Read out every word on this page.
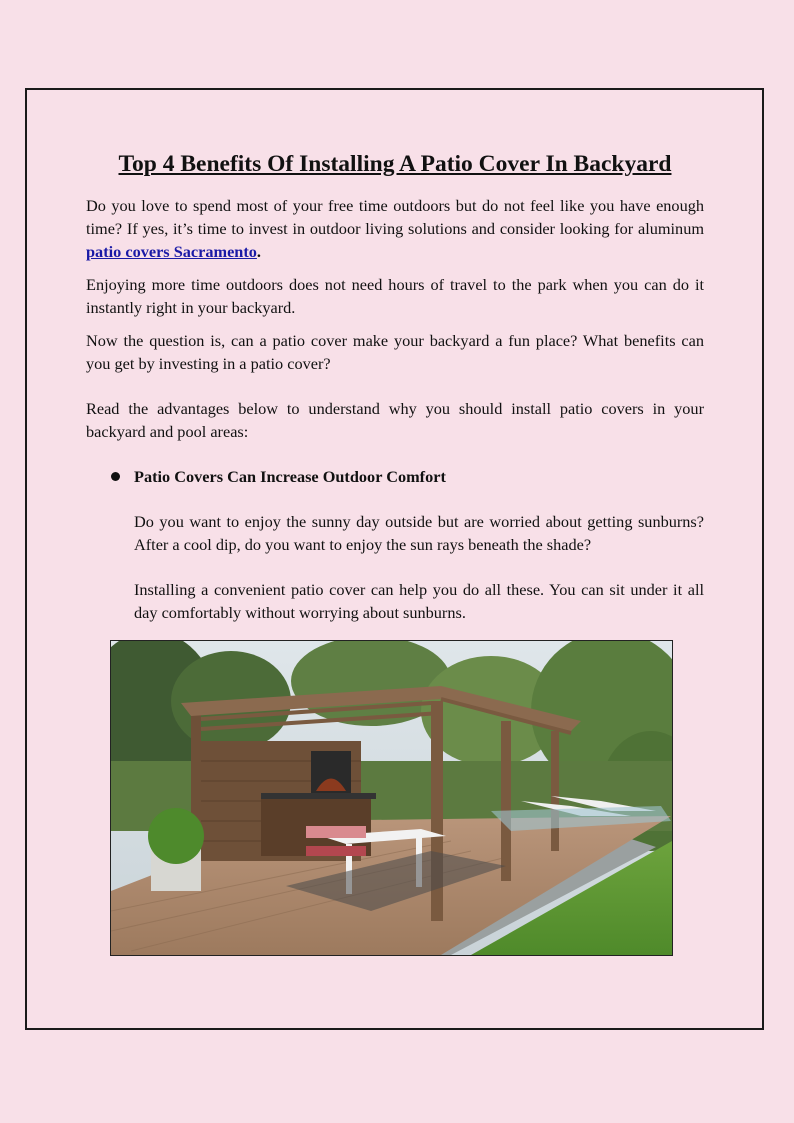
Top 4 Benefits Of Installing A Patio Cover In Backyard

Do you love to spend most of your free time outdoors but do not feel like you have enough time? If yes, it’s time to invest in outdoor living solutions and consider looking for aluminum patio covers Sacramento.

Enjoying more time outdoors does not need hours of travel to the park when you can do it instantly right in your backyard.

Now the question is, can a patio cover make your backyard a fun place? What benefits can you get by investing in a patio cover?

Read the advantages below to understand why you should install patio covers in your backyard and pool areas:

Patio Covers Can Increase Outdoor Comfort

Do you want to enjoy the sunny day outside but are worried about getting sunburns? After a cool dip, do you want to enjoy the sun rays beneath the shade?

Installing a convenient patio cover can help you do all these. You can sit under it all day comfortably without worrying about sunburns.
